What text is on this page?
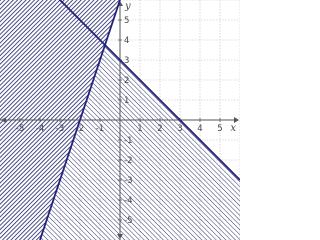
-5 -4 -3 -2 -1	1 2 3 4 5
-5
-4
-3
-2
-1
1
2
3
4
5
x
y
